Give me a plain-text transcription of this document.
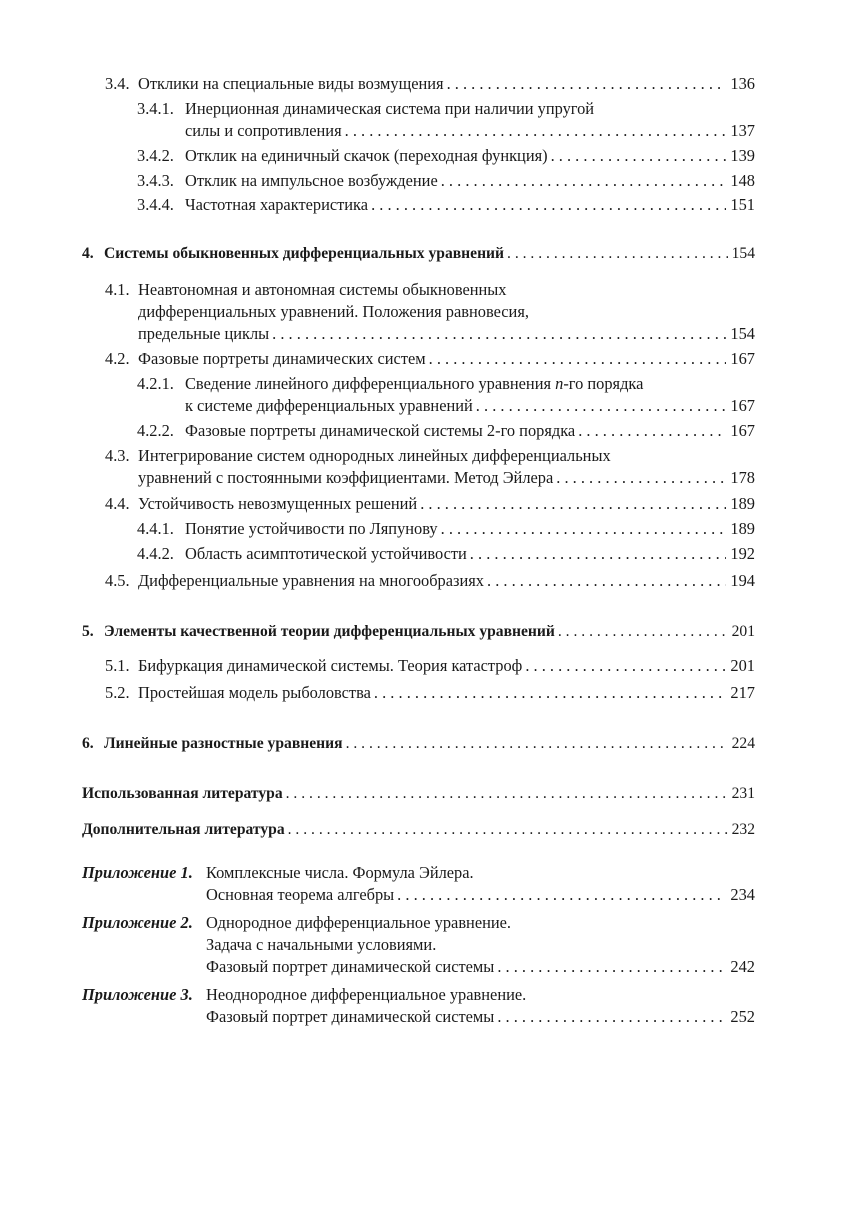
3.4. Отклики на специальные виды возмущения . . .	136
3.4.1. Инерционная динамическая система при наличии упругой
силы и сопротивления . . .	137
3.4.2. Отклик на единичный скачок (переходная функция) . . .	139
3.4.3. Отклик на импульсное возбуждение . . .	148
3.4.4. Частотная характеристика . . .	151
4. Системы обыкновенных дифференциальных уравнений . . .	154
4.1. Неавтономная и автономная системы обыкновенных
дифференциальных уравнений. Положения равновесия,
предельные циклы . . .	154
4.2. Фазовые портреты динамических систем . . .	167
4.2.1. Сведение линейного дифференциального уравнения n-го порядка
к системе дифференциальных уравнений . . .	167
4.2.2. Фазовые портреты динамической системы 2-го порядка . . .	167
4.3. Интегрирование систем однородных линейных дифференциальных
уравнений с постоянными коэффициентами. Метод Эйлера . . .	178
4.4. Устойчивость невозмущенных решений . . .	189
4.4.1. Понятие устойчивости по Ляпунову . . .	189
4.4.2. Область асимптотической устойчивости . . .	192
4.5. Дифференциальные уравнения на многообразиях . . .	194
5. Элементы качественной теории дифференциальных уравнений . . .	201
5.1. Бифуркация динамической системы. Теория катастроф . . .	201
5.2. Простейшая модель рыболовства . . .	217
6. Линейные разностные уравнения . . .	224
Использованная литература . . .	231
Дополнительная литература . . .	232
Приложение 1. Комплексные числа. Формула Эйлера.
Основная теорема алгебры . . .	234
Приложение 2. Однородное дифференциальное уравнение.
Задача с начальными условиями.
Фазовый портрет динамической системы . . .	242
Приложение 3. Неоднородное дифференциальное уравнение.
Фазовый портрет динамической системы . . .	252
